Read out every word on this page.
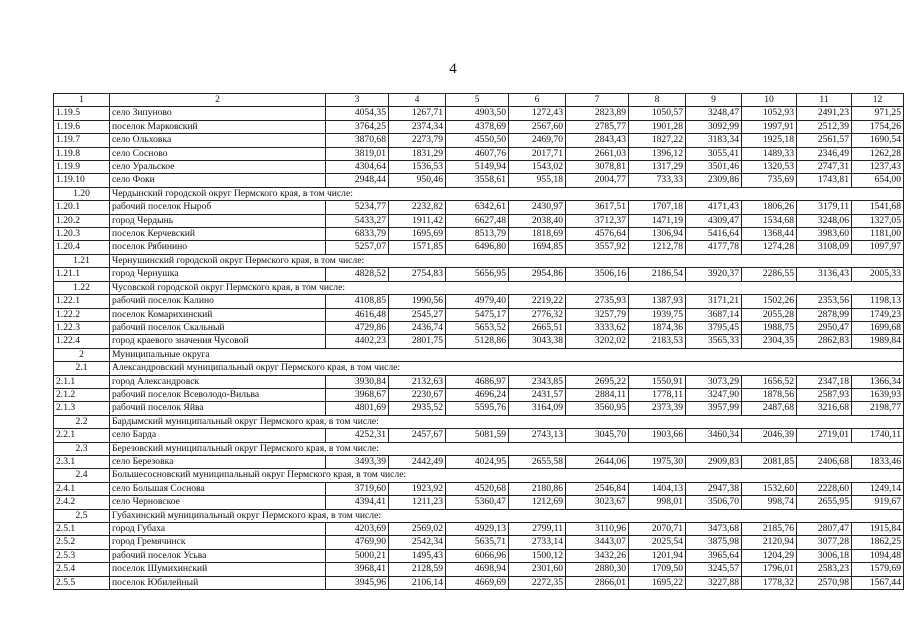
4
1	2	3	4	5	6	7	8	9	10	11	12
1.19.5	село Зипуново	4054,35	1267,71	4903,50	1272,43	2823,89	1050,57	3248,47	1052,93	2491,23	971,25
1.19.6	поселок Марковский	3764,25	2374,34	4378,69	2567,60	2785,77	1901,28	3092,99	1997,91	2512,39	1754,26
1.19.7	село Ольховка	3870,68	2273,79	4550,50	2469,70	2843,43	1827,22	3183,34	1925,18	2561,57	1690,54
1.19.8	село Сосново	3819,01	1831,29	4607,76	2017,71	2661,03	1396,12	3055,41	1489,33	2346,49	1262,28
1.19.9	село Уральское	4304,64	1536,53	5149,94	1543,02	3078,81	1317,29	3501,46	1320,53	2747,31	1237,43
1.19.10	село Фоки	2948,44	950,46	3558,61	955,18	2004,77	733,33	2309,86	735,69	1743,81	654,00
1.20	Чердынский городской округ Пермского края, в том числе:										
1.20.1	рабочий поселок Ныроб	5234,77	2232,82	6342,61	2430,97	3617,51	1707,18	4171,43	1806,26	3179,11	1541,68
1.20.2	город Чердынь	5433,27	1911,42	6627,48	2038,40	3712,37	1471,19	4309,47	1534,68	3248,06	1327,05
1.20.3	поселок Керчевский	6833,79	1695,69	8513,79	1818,69	4576,64	1306,94	5416,64	1368,44	3983,60	1181,00
1.20.4	поселок Рябинино	5257,07	1571,85	6496,80	1694,85	3557,92	1212,78	4177,78	1274,28	3108,09	1097,97
1.21	Чернушинский городской округ Пермского края, в том числе:										
1.21.1	город Чернушка	4828,52	2754,83	5656,95	2954,86	3506,16	2186,54	3920,37	2286,55	3136,43	2005,33
1.22	Чусовской городской округ Пермского края, в том числе:										
1.22.1	рабочий поселок Калино	4108,85	1990,56	4979,40	2219,22	2735,93	1387,93	3171,21	1502,26	2353,56	1198,13
1.22.2	поселок Комарихинский	4616,48	2545,27	5475,17	2776,32	3257,79	1939,75	3687,14	2055,28	2878,99	1749,23
1.22.3	рабочий поселок Скальный	4729,86	2436,74	5653,52	2665,51	3333,62	1874,36	3795,45	1988,75	2950,47	1699,68
1.22.4	город краевого значения Чусовой	4402,23	2801,75	5128,86	3043,38	3202,02	2183,53	3565,33	2304,35	2862,83	1989,84
2	Муниципальные округа										
2.1	Александровский муниципальный округ Пермского края, в том числе:										
2.1.1	город Александровск	3930,84	2132,63	4686,97	2343,85	2695,22	1550,91	3073,29	1656,52	2347,18	1366,34
2.1.2	рабочий поселок Всеволодо-Вильва	3968,67	2230,67	4696,24	2431,57	2884,11	1778,11	3247,90	1878,56	2587,93	1639,93
2.1.3	рабочий поселок Яйва	4801,69	2935,52	5595,76	3164,09	3560,95	2373,39	3957,99	2487,68	3216,68	2198,77
2.2	Бардымский муниципальный округ Пермского края, в том числе:										
2.2.1	село Барда	4252,31	2457,67	5081,59	2743,13	3045,70	1903,66	3460,34	2046,39	2719,01	1740,11
2.3	Березовский муниципальный округ Пермского края, в том числе:										
2.3.1	село Березовка	3493,39	2442,49	4024,95	2655,58	2644,06	1975,30	2909,83	2081,85	2406,68	1833,46
2.4	Большесосновский муниципальный округ Пермского края, в том числе:										
2.4.1	село Большая Соснова	3719,60	1923,92	4520,68	2180,86	2546,84	1404,13	2947,38	1532,60	2228,60	1249,14
2.4.2	село Черновское	4394,41	1211,23	5360,47	1212,69	3023,67	998,01	3506,70	998,74	2655,95	919,67
2.5	Губахинский муниципальный округ Пермского края, в том числе:										
2.5.1	город Губаха	4203,69	2569,02	4929,13	2799,11	3110,96	2070,71	3473,68	2185,76	2807,47	1915,84
2.5.2	город Гремячинск	4769,90	2542,34	5635,71	2733,14	3443,07	2025,54	3875,98	2120,94	3077,28	1862,25
2.5.3	рабочий поселок Усьва	5000,21	1495,43	6066,96	1500,12	3432,26	1201,94	3965,64	1204,29	3006,18	1094,48
2.5.4	поселок Шумихинский	3968,41	2128,59	4698,94	2301,60	2880,30	1709,50	3245,57	1796,01	2583,23	1579,69
2.5.5	поселок Юбилейный	3945,96	2106,14	4669,69	2272,35	2866,01	1695,22	3227,88	1778,32	2570,98	1567,44
